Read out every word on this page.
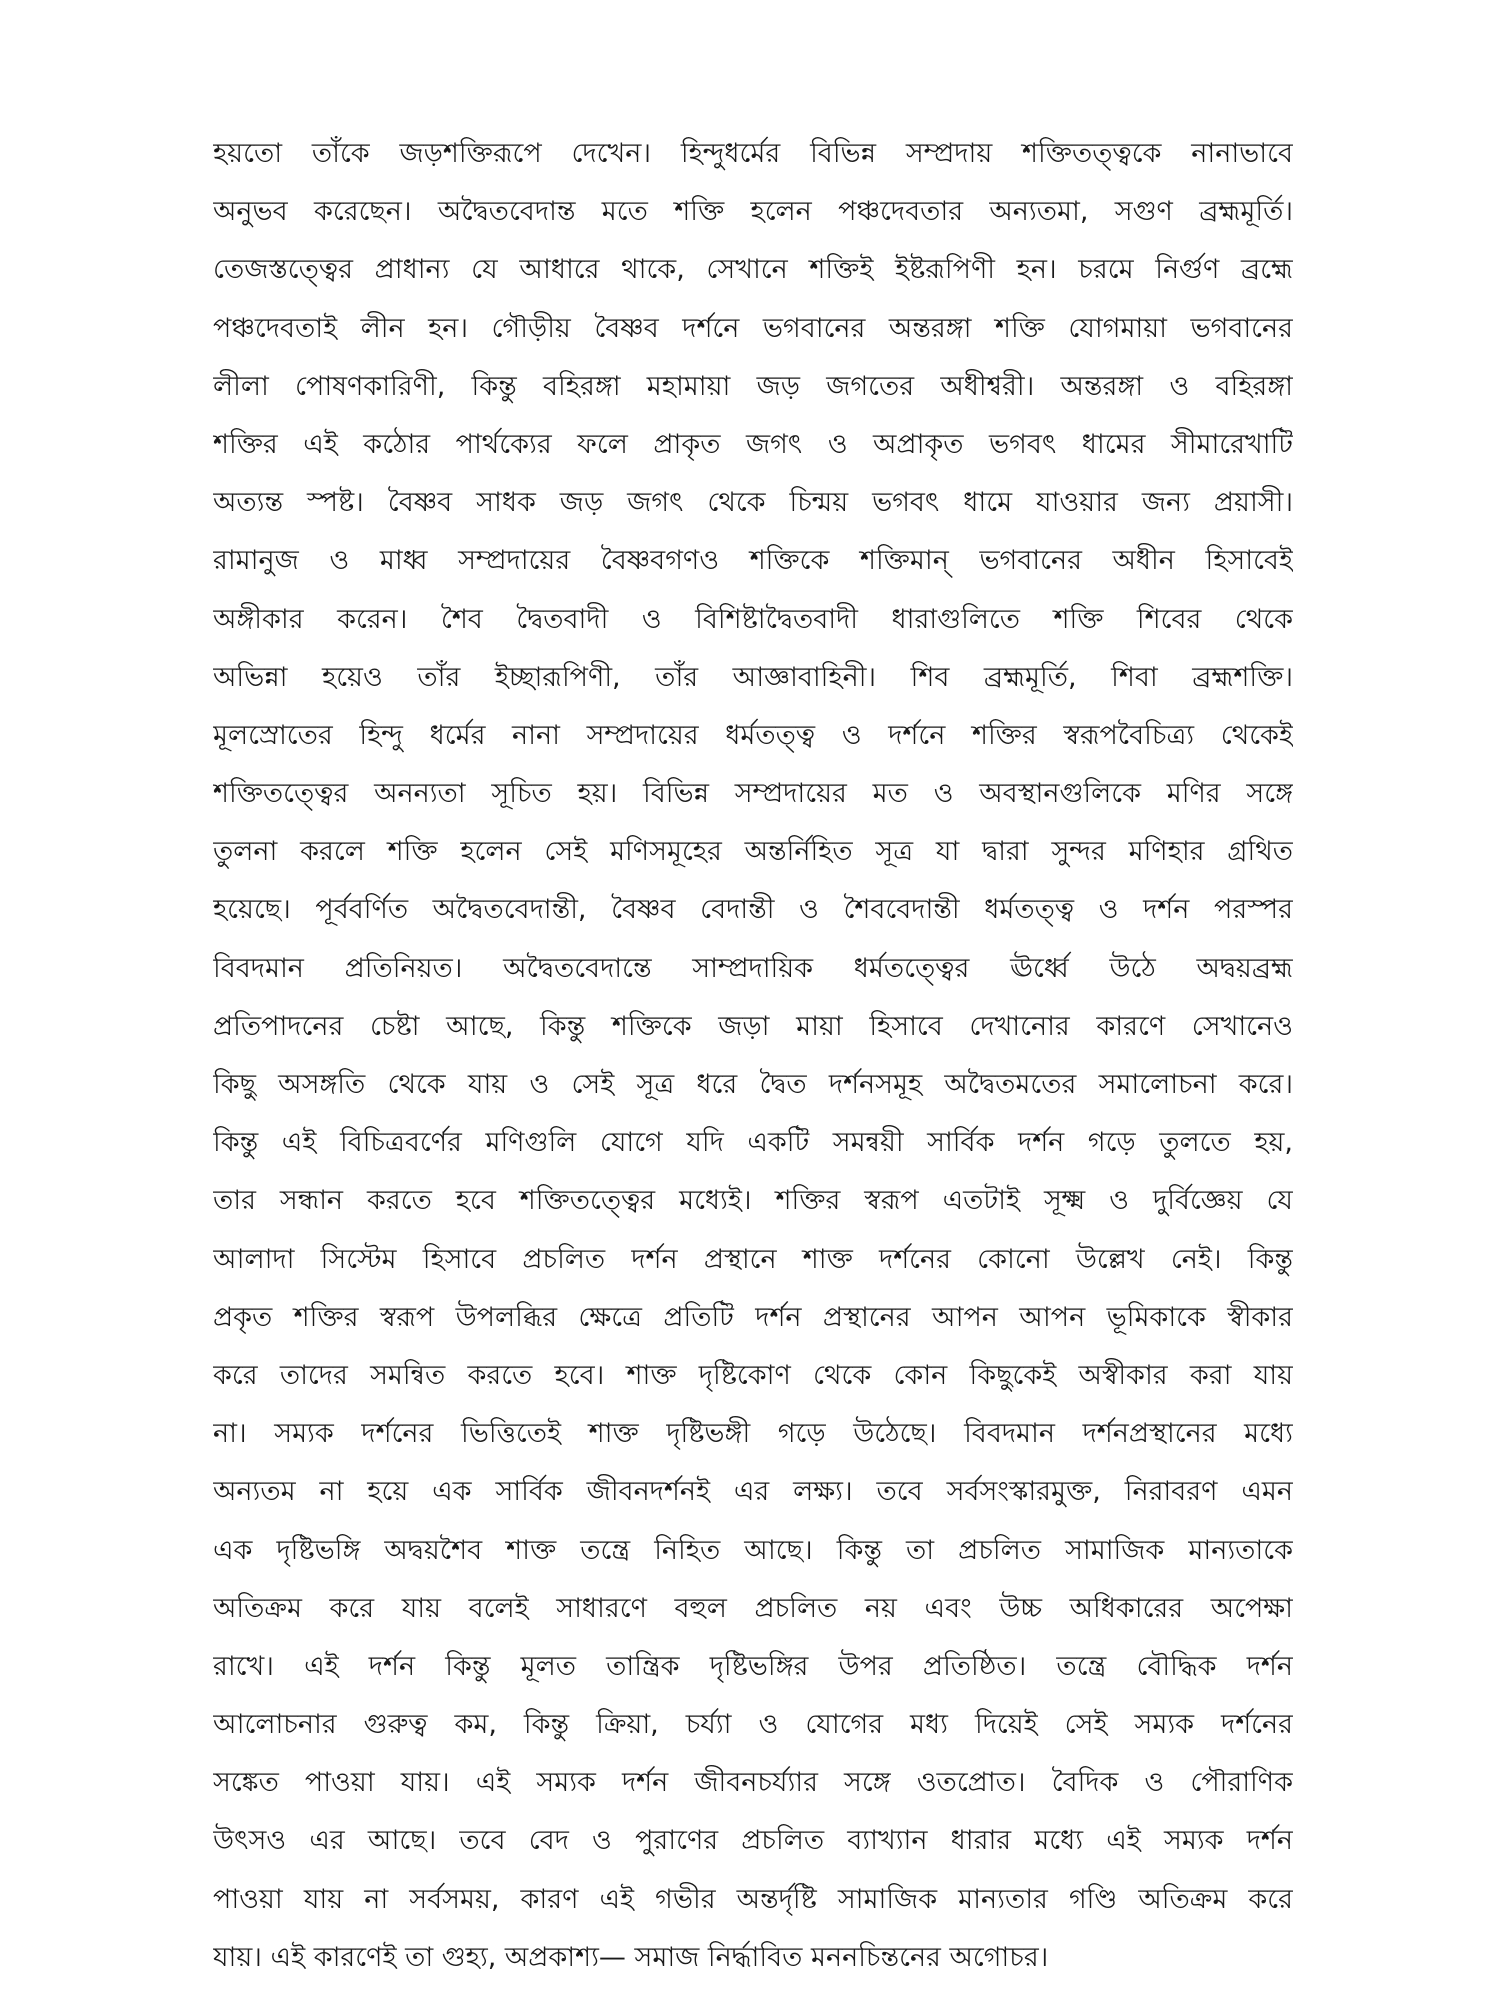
হয়তো তাঁকে জড়শক্তিরূপে দেখেন। হিন্দুধর্মের বিভিন্ন সম্প্রদায় শক্তিতত্ত্বকে নানাভাবে
অনুভব করেছেন। অদ্বৈতবেদান্ত মতে শক্তি হলেন পঞ্চদেবতার অন্যতমা, সগুণ ব্রহ্মমূর্তি।
তেজস্তত্ত্বের প্রাধান্য যে আধারে থাকে, সেখানে শক্তিই ইষ্টরূপিণী হন। চরমে নির্গুণ ব্রহ্মে
পঞ্চদেবতাই লীন হন। গৌড়ীয় বৈষ্ণব দর্শনে ভগবানের অন্তরঙ্গা শক্তি যোগমায়া ভগবানের
লীলা পোষণকারিণী, কিন্তু বহিরঙ্গা মহামায়া জড় জগতের অধীশ্বরী। অন্তরঙ্গা ও বহিরঙ্গা
শক্তির এই কঠোর পার্থক্যের ফলে প্রাকৃত জগৎ ও অপ্রাকৃত ভগবৎ ধামের সীমারেখাটি
অত্যন্ত স্পষ্ট। বৈষ্ণব সাধক জড় জগৎ থেকে চিন্ময় ভগবৎ ধামে যাওয়ার জন্য প্রয়াসী।
রামানুজ ও মাধ্ব সম্প্রদায়ের বৈষ্ণবগণও শক্তিকে শক্তিমান্ ভগবানের অধীন হিসাবেই
অঙ্গীকার করেন। শৈব দ্বৈতবাদী ও বিশিষ্টাদ্বৈতবাদী ধারাগুলিতে শক্তি শিবের থেকে
অভিন্না হয়েও তাঁর ইচ্ছারূপিণী, তাঁর আজ্ঞাবাহিনী। শিব ব্রহ্মমূর্তি, শিবা ব্রহ্মশক্তি।
মূলস্রোতের হিন্দু ধর্মের নানা সম্প্রদায়ের ধর্মতত্ত্ব ও দর্শনে শক্তির স্বরূপবৈচিত্র্য থেকেই
শক্তিতত্ত্বের অনন্যতা সূচিত হয়। বিভিন্ন সম্প্রদায়ের মত ও অবস্থানগুলিকে মণির সঙ্গে
তুলনা করলে শক্তি হলেন সেই মণিসমূহের অন্তর্নিহিত সূত্র যা দ্বারা সুন্দর মণিহার গ্রথিত
হয়েছে। পূর্ববর্ণিত অদ্বৈতবেদান্তী, বৈষ্ণব বেদান্তী ও শৈববেদান্তী ধর্মতত্ত্ব ও দর্শন পরস্পর
বিবদমান প্রতিনিয়ত। অদ্বৈতবেদান্তে সাম্প্রদায়িক ধর্মতত্ত্বের ঊর্ধ্বে উঠে অদ্বয়ব্রহ্ম
প্রতিপাদনের চেষ্টা আছে, কিন্তু শক্তিকে জড়া মায়া হিসাবে দেখানোর কারণে সেখানেও
কিছু অসঙ্গতি থেকে যায় ও সেই সূত্র ধরে দ্বৈত দর্শনসমূহ অদ্বৈতমতের সমালোচনা করে।
কিন্তু এই বিচিত্রবর্ণের মণিগুলি যোগে যদি একটি সমন্বয়ী সার্বিক দর্শন গড়ে তুলতে হয়,
তার সন্ধান করতে হবে শক্তিতত্ত্বের মধ্যেই। শক্তির স্বরূপ এতটাই সূক্ষ্ম ও দুর্বিজ্ঞেয় যে
আলাদা সিস্টেম হিসাবে প্রচলিত দর্শন প্রস্থানে শাক্ত দর্শনের কোনো উল্লেখ নেই। কিন্তু
প্রকৃত শক্তির স্বরূপ উপলব্ধির ক্ষেত্রে প্রতিটি দর্শন প্রস্থানের আপন আপন ভূমিকাকে স্বীকার
করে তাদের সমন্বিত করতে হবে। শাক্ত দৃষ্টিকোণ থেকে কোন কিছুকেই অস্বীকার করা যায়
না। সম্যক দর্শনের ভিত্তিতেই শাক্ত দৃষ্টিভঙ্গী গড়ে উঠেছে। বিবদমান দর্শনপ্রস্থানের মধ্যে
অন্যতম না হয়ে এক সার্বিক জীবনদর্শনই এর লক্ষ্য। তবে সর্বসংস্কারমুক্ত, নিরাবরণ এমন
এক দৃষ্টিভঙ্গি অদ্বয়শৈব শাক্ত তন্ত্রে নিহিত আছে। কিন্তু তা প্রচলিত সামাজিক মান্যতাকে
অতিক্রম করে যায় বলেই সাধারণে বহুল প্রচলিত নয় এবং উচ্চ অধিকারের অপেক্ষা
রাখে। এই দর্শন কিন্তু মূলত তান্ত্রিক দৃষ্টিভঙ্গির উপর প্রতিষ্ঠিত। তন্ত্রে বৌদ্ধিক দর্শন
আলোচনার গুরুত্ব কম, কিন্তু ক্রিয়া, চর্য্যা ও যোগের মধ্য দিয়েই সেই সম্যক দর্শনের
সঙ্কেত পাওয়া যায়। এই সম্যক দর্শন জীবনচর্য্যার সঙ্গে ওতপ্রোত। বৈদিক ও পৌরাণিক
উৎসও এর আছে। তবে বেদ ও পুরাণের প্রচলিত ব্যাখ্যান ধারার মধ্যে এই সম্যক দর্শন
পাওয়া যায় না সর্বসময়, কারণ এই গভীর অন্তর্দৃষ্টি সামাজিক মান্যতার গণ্ডি অতিক্রম করে
যায়। এই কারণেই তা গুহ্য, অপ্রকাশ্য— সমাজ নির্দ্ধাবিত মননচিন্তনের অগোচর।
